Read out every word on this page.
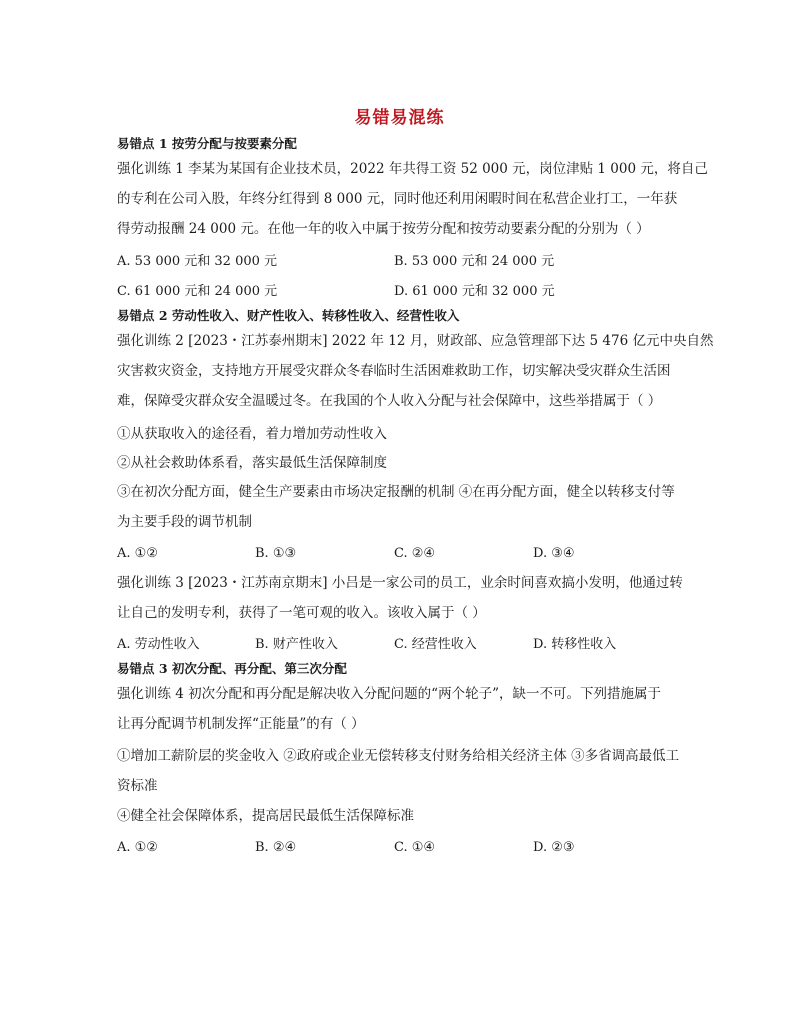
易错易混练
易错点 1 按劳分配与按要素分配
强化训练 1 李某为某国有企业技术员，2022 年共得工资 52 000 元，岗位津贴 1 000 元，将自己
的专利在公司入股，年终分红得到 8 000 元，同时他还利用闲暇时间在私营企业打工，一年获
得劳动报酬 24 000 元。在他一年的收入中属于按劳分配和按劳动要素分配的分别为（ ）
A. 53 000 元和 32 000 元	B. 53 000 元和 24 000 元
C. 61 000 元和 24 000 元	D. 61 000 元和 32 000 元
易错点 2 劳动性收入、财产性收入、转移性收入、经营性收入
强化训练 2 [2023・江苏泰州期末] 2022 年 12 月，财政部、应急管理部下达 5 476 亿元中央自然
灾害救灾资金，支持地方开展受灾群众冬春临时生活困难救助工作，切实解决受灾群众生活困
难，保障受灾群众安全温暖过冬。在我国的个人收入分配与社会保障中，这些举措属于（ ）
①从获取收入的途径看，着力增加劳动性收入
②从社会救助体系看，落实最低生活保障制度
③在初次分配方面，健全生产要素由市场决定报酬的机制 ④在再分配方面，健全以转移支付等
为主要手段的调节机制
A. ①②	B. ①③	C. ②④	D. ③④
强化训练 3 [2023・江苏南京期末] 小吕是一家公司的员工，业余时间喜欢搞小发明，他通过转
让自己的发明专利，获得了一笔可观的收入。该收入属于（ ）
A. 劳动性收入	B. 财产性收入	C. 经营性收入	D. 转移性收入
易错点 3 初次分配、再分配、第三次分配
强化训练 4 初次分配和再分配是解决收入分配问题的“两个轮子”，缺一不可。下列措施属于
让再分配调节机制发挥“正能量”的有（ ）
①增加工薪阶层的奖金收入 ②政府或企业无偿转移支付财务给相关经济主体 ③多省调高最低工
资标准
④健全社会保障体系，提高居民最低生活保障标准
A. ①②	B. ②④	C. ①④	D. ②③
